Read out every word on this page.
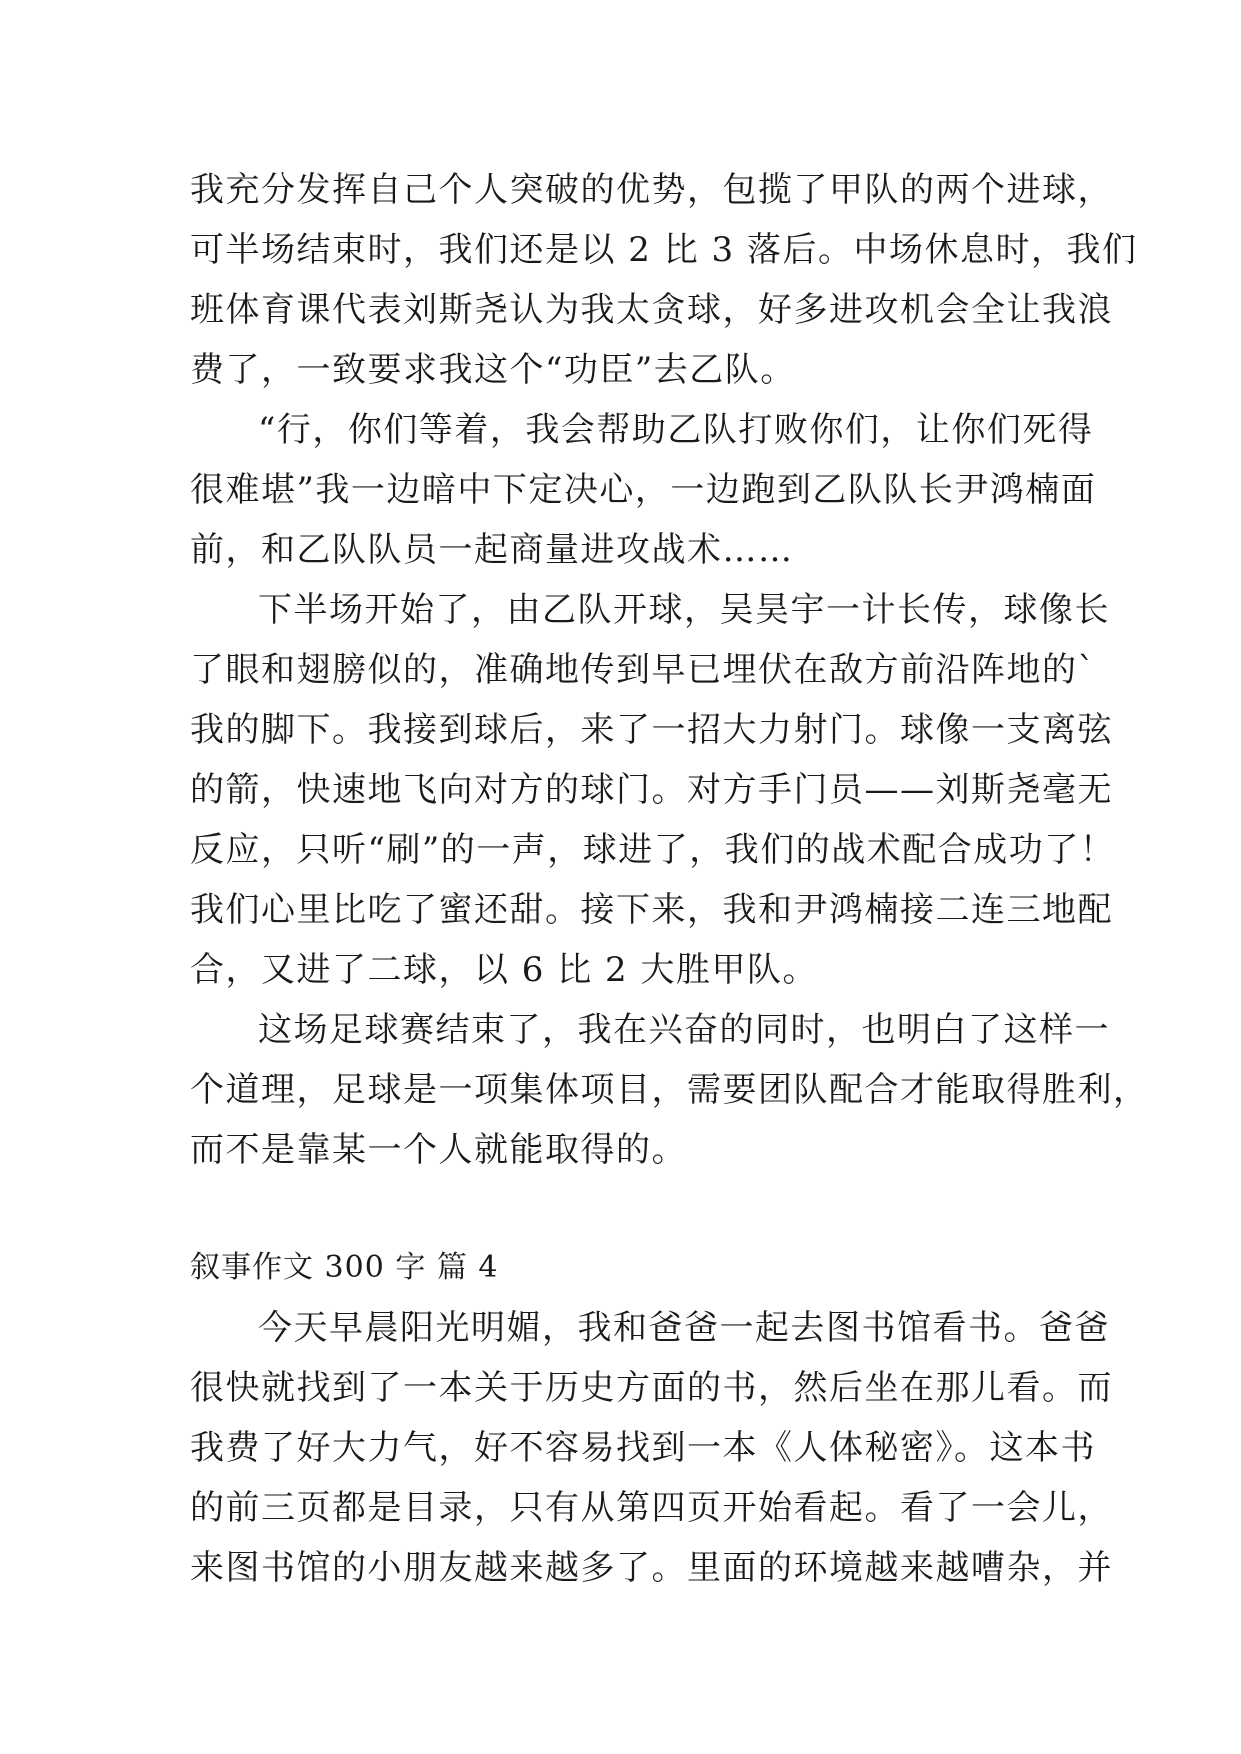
我充分发挥自己个人突破的优势，包揽了甲队的两个进球，
可半场结束时，我们还是以 2 比 3 落后。中场休息时，我们
班体育课代表刘斯尧认为我太贪球，好多进攻机会全让我浪
费了，一致要求我这个“功臣”去乙队。
“行，你们等着，我会帮助乙队打败你们，让你们死得
很难堪”我一边暗中下定决心，一边跑到乙队队长尹鸿楠面
前，和乙队队员一起商量进攻战术……
下半场开始了，由乙队开球，吴昊宇一计长传，球像长
了眼和翅膀似的，准确地传到早已埋伏在敌方前沿阵地的`
我的脚下。我接到球后，来了一招大力射门。球像一支离弦
的箭，快速地飞向对方的球门。对方手门员——刘斯尧毫无
反应，只听“刷”的一声，球进了，我们的战术配合成功了！
我们心里比吃了蜜还甜。接下来，我和尹鸿楠接二连三地配
合，又进了二球，以 6 比 2 大胜甲队。
这场足球赛结束了，我在兴奋的同时，也明白了这样一
个道理，足球是一项集体项目，需要团队配合才能取得胜利，
而不是靠某一个人就能取得的。
叙事作文 300 字 篇 4
今天早晨阳光明媚，我和爸爸一起去图书馆看书。爸爸
很快就找到了一本关于历史方面的书，然后坐在那儿看。而
我费了好大力气，好不容易找到一本《人体秘密》。这本书
的前三页都是目录，只有从第四页开始看起。看了一会儿，
来图书馆的小朋友越来越多了。里面的环境越来越嘈杂，并
